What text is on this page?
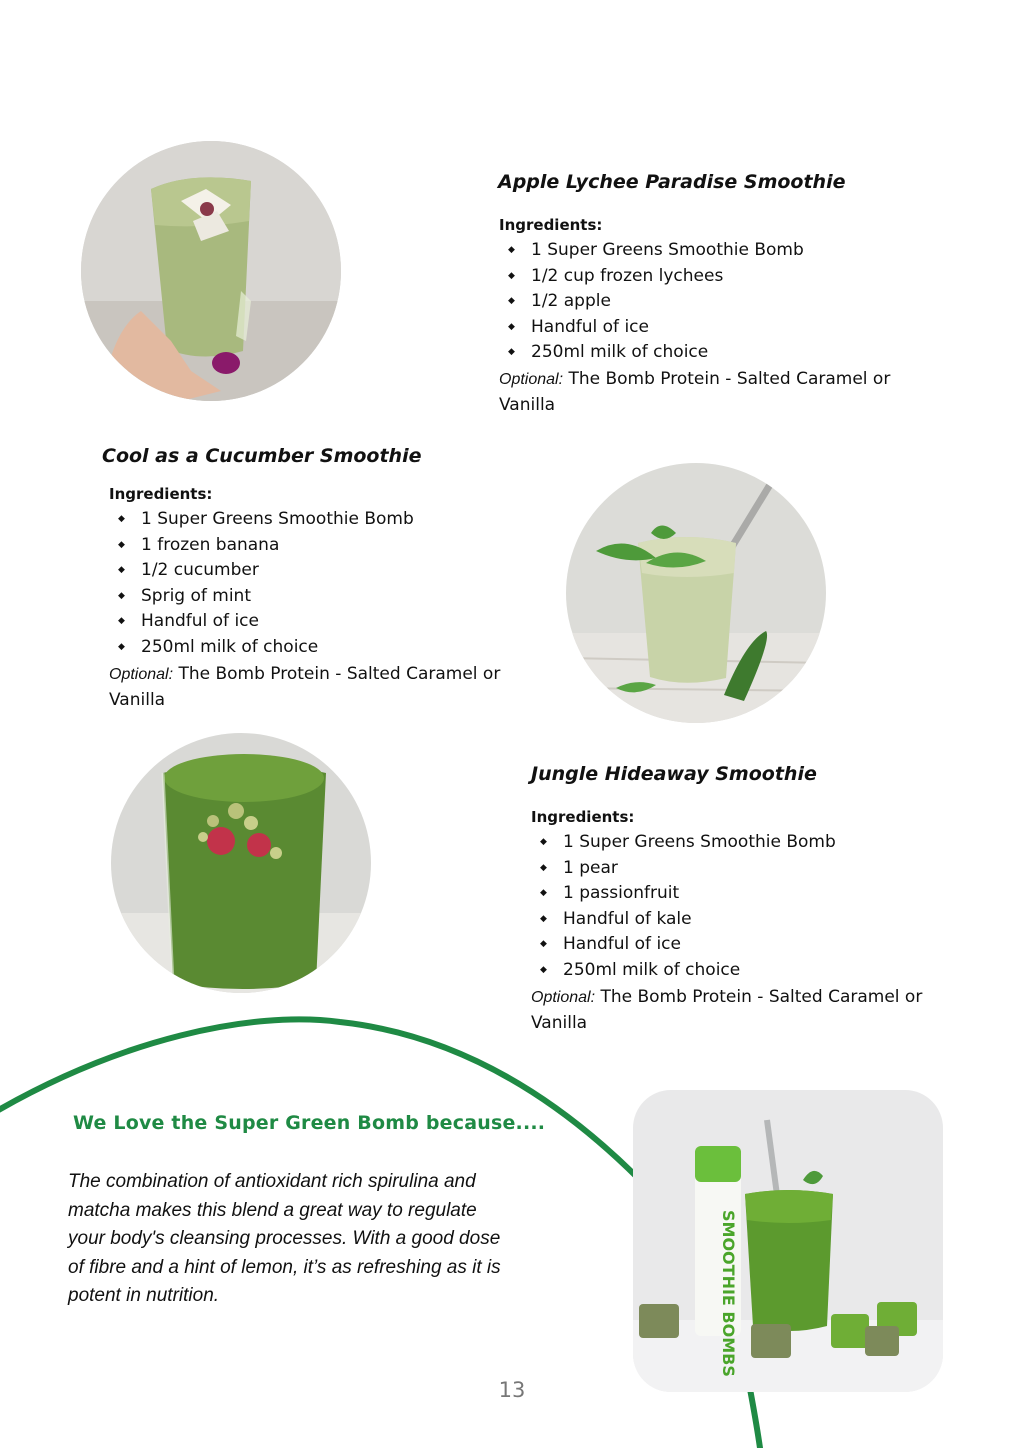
Apple Lychee Paradise Smoothie

Ingredients:

◆ 1 Super Greens Smoothie Bomb
◆ 1/2 cup frozen lychees
◆ 1/2 apple
◆ Handful of ice
◆ 250ml milk of choice

Optional: The Bomb Protein - Salted Caramel or Vanilla

Cool as a Cucumber Smoothie

Ingredients:

◆ 1 Super Greens Smoothie Bomb
◆ 1 frozen banana
◆ 1/2 cucumber
◆ Sprig of mint
◆ Handful of ice
◆ 250ml milk of choice

Optional: The Bomb Protein - Salted Caramel or Vanilla

Jungle Hideaway Smoothie

Ingredients:

◆ 1 Super Greens Smoothie Bomb
◆ 1 pear
◆ 1 passionfruit
◆ Handful of kale
◆ Handful of ice
◆ 250ml milk of choice

Optional: The Bomb Protein - Salted Caramel or Vanilla

We Love the Super Green Bomb because....

The combination of antioxidant rich spirulina and matcha makes this blend a great way to regulate your body's cleansing processes. With a good dose of fibre and a hint of lemon, it’s as refreshing as it is potent in nutrition.	SMOOTHIE BOMBS
13
